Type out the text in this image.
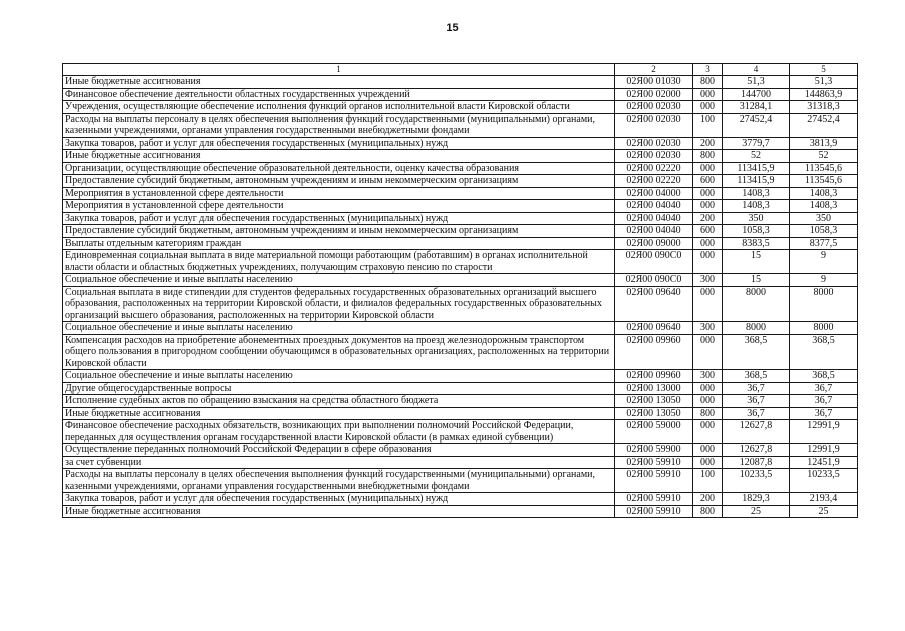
15
1	2	3	4	5
Иные бюджетные ассигнования	02Я00 01030	800	51,3	51,3
Финансовое обеспечение деятельности областных государственных учреждений	02Я00 02000	000	144700	144863,9
Учреждения, осуществляющие обеспечение исполнения функций органов исполнительной власти Кировской области	02Я00 02030	000	31284,1	31318,3
Расходы на выплаты персоналу в целях обеспечения выполнения функций государственными (муниципальными) органами, казенными учреждениями, органами управления государственными внебюджетными фондами	02Я00 02030	100	27452,4	27452,4
Закупка товаров, работ и услуг для обеспечения государственных (муниципальных) нужд	02Я00 02030	200	3779,7	3813,9
Иные бюджетные ассигнования	02Я00 02030	800	52	52
Организации, осуществляющие обеспечение образовательной деятельности, оценку качества образования	02Я00 02220	000	113415,9	113545,6
Предоставление субсидий бюджетным, автономным учреждениям и иным некоммерческим организациям	02Я00 02220	600	113415,9	113545,6
Мероприятия в установленной сфере деятельности	02Я00 04000	000	1408,3	1408,3
Мероприятия в установленной сфере деятельности	02Я00 04040	000	1408,3	1408,3
Закупка товаров, работ и услуг для обеспечения государственных (муниципальных) нужд	02Я00 04040	200	350	350
Предоставление субсидий бюджетным, автономным учреждениям и иным некоммерческим организациям	02Я00 04040	600	1058,3	1058,3
Выплаты отдельным категориям граждан	02Я00 09000	000	8383,5	8377,5
Единовременная социальная выплата в виде материальной помощи работающим (работавшим) в органах исполнительной власти области и областных бюджетных учреждениях, получающим страховую пенсию по старости	02Я00 090С0	000	15	9
Социальное обеспечение и иные выплаты населению	02Я00 090С0	300	15	9
Социальная выплата в виде стипендии для студентов федеральных государственных образовательных организаций высшего образования, расположенных на территории Кировской области, и филиалов федеральных государственных образовательных организаций высшего образования, расположенных на территории Кировской области	02Я00 09640	000	8000	8000
Социальное обеспечение и иные выплаты населению	02Я00 09640	300	8000	8000
Компенсация расходов на приобретение абонементных проездных документов на проезд железнодорожным транспортом общего пользования в пригородном сообщении обучающимся в образовательных организациях, расположенных на территории Кировской области	02Я00 09960	000	368,5	368,5
Социальное обеспечение и иные выплаты населению	02Я00 09960	300	368,5	368,5
Другие общегосударственные вопросы	02Я00 13000	000	36,7	36,7
Исполнение судебных актов по обращению взыскания на средства областного бюджета	02Я00 13050	000	36,7	36,7
Иные бюджетные ассигнования	02Я00 13050	800	36,7	36,7
Финансовое обеспечение расходных обязательств, возникающих при выполнении полномочий Российской Федерации, переданных для осуществления органам государственной власти Кировской области (в рамках единой субвенции)	02Я00 59000	000	12627,8	12991,9
Осуществление переданных полномочий Российской Федерации в сфере образования	02Я00 59900	000	12627,8	12991,9
за счет субвенции	02Я00 59910	000	12087,8	12451,9
Расходы на выплаты персоналу в целях обеспечения выполнения функций государственными (муниципальными) органами, казенными учреждениями, органами управления государственными внебюджетными фондами	02Я00 59910	100	10233,5	10233,5
Закупка товаров, работ и услуг для обеспечения государственных (муниципальных) нужд	02Я00 59910	200	1829,3	2193,4
Иные бюджетные ассигнования	02Я00 59910	800	25	25
